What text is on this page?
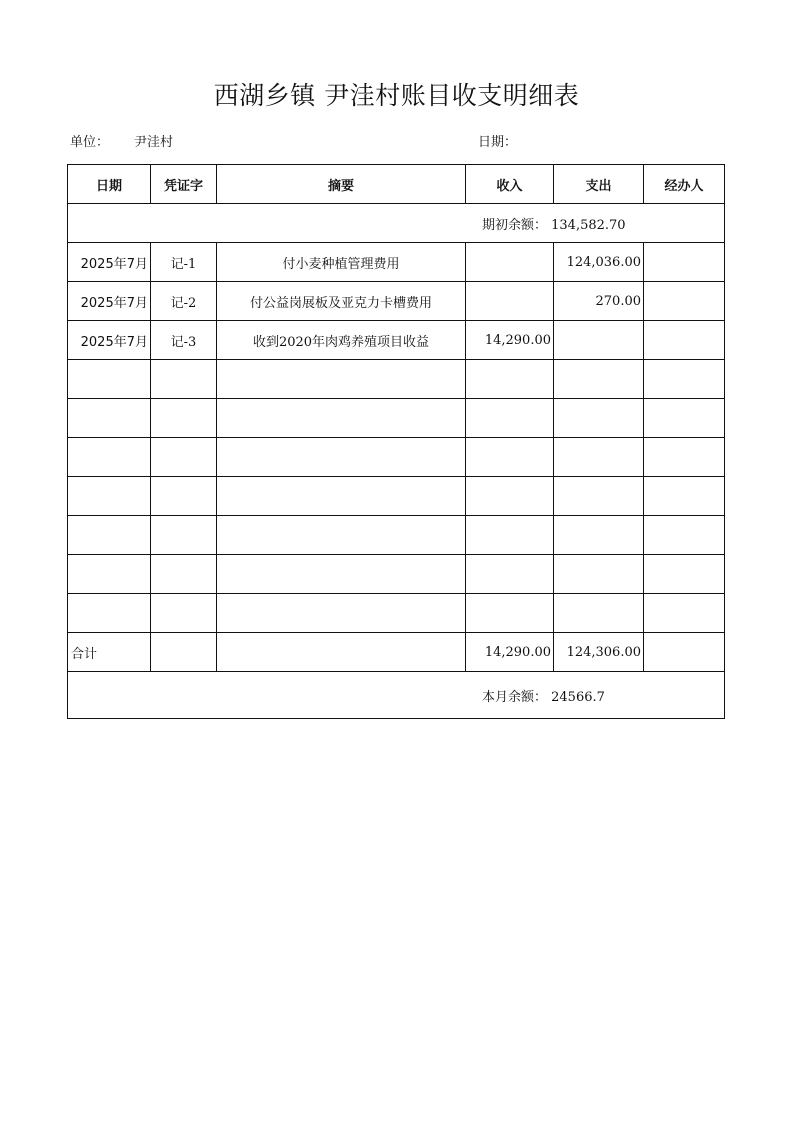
西湖乡镇 尹洼村账目收支明细表
单位： 尹洼村	日期：
日期	凭证字	摘要	收入	支出	经办人

期初余额： 134,582.70					

2025年7月	记-1	付小麦种植管理费用		124,036.00	
2025年7月	记-2	付公益岗展板及亚克力卡槽费用		270.00	
2025年7月	记-3	收到2020年肉鸡养殖项目收益	14,290.00		

合计			14,290.00	124,306.00	

本月余额： 24566.7					
